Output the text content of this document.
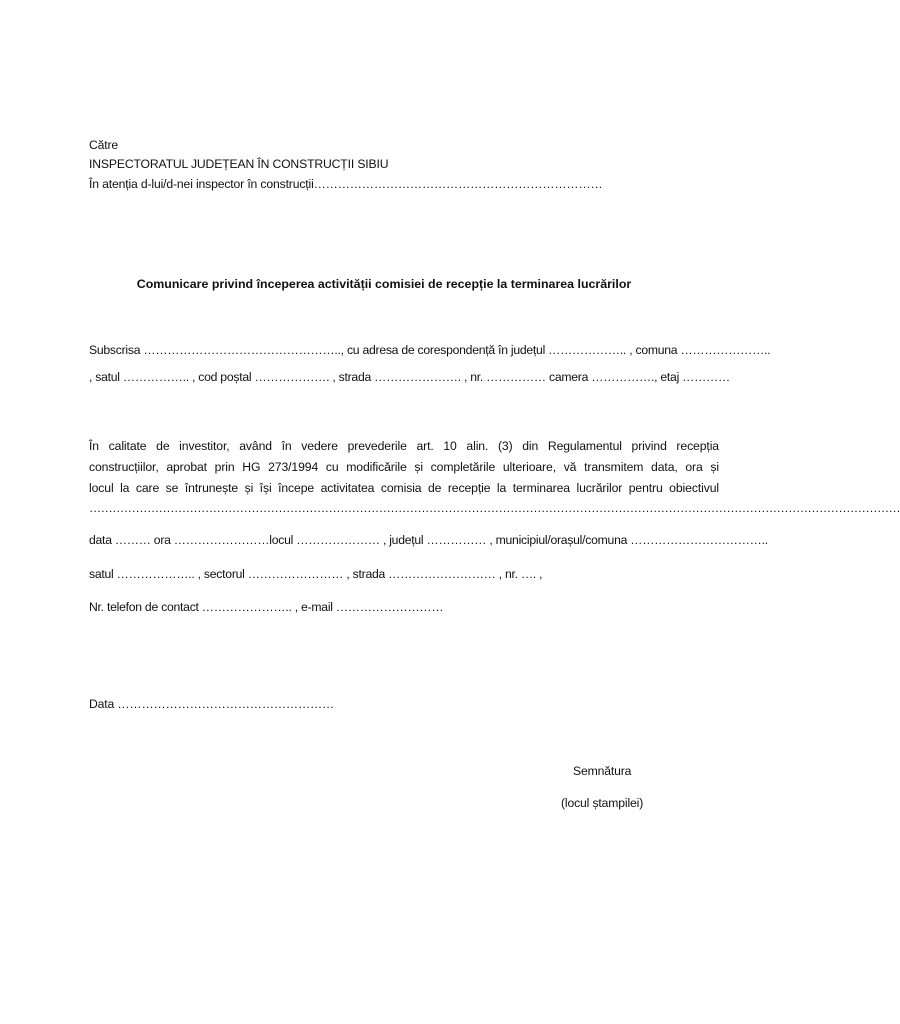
Către
INSPECTORATUL JUDEȚEAN ÎN CONSTRUCȚII SIBIU
În atenția d-lui/d-nei inspector în construcții………………………………………………………………
Comunicare privind începerea activității comisiei de recepție la terminarea lucrărilor
Subscrisa ………………………………………….., cu adresa de corespondență în județul ……………….. , comuna …………………..
, satul …………….. , cod poștal ………………. , strada …………………. , nr. …………… camera ……………., etaj …………
În calitate de investitor, având în vedere prevederile art. 10 alin. (3) din Regulamentul privind recepția
construcțiilor, aprobat prin HG 273/1994 cu modificările și completările ulterioare, vă transmitem data, ora și
locul la care se întrunește și își începe activitatea comisia de recepție la terminarea lucrărilor pentru obiectivul
…………………………………………………………………………………………………………………………………………………………………………………………
data ……… ora ……………………locul ………………… , județul …………… , municipiul/orașul/comuna ……………………………..
satul ……………….. , sectorul …………………… , strada ……………………… , nr. …. ,
Nr. telefon de contact ………………….. , e-mail ………………………
Data ………………………………………………
Semnătura
(locul ștampilei)
